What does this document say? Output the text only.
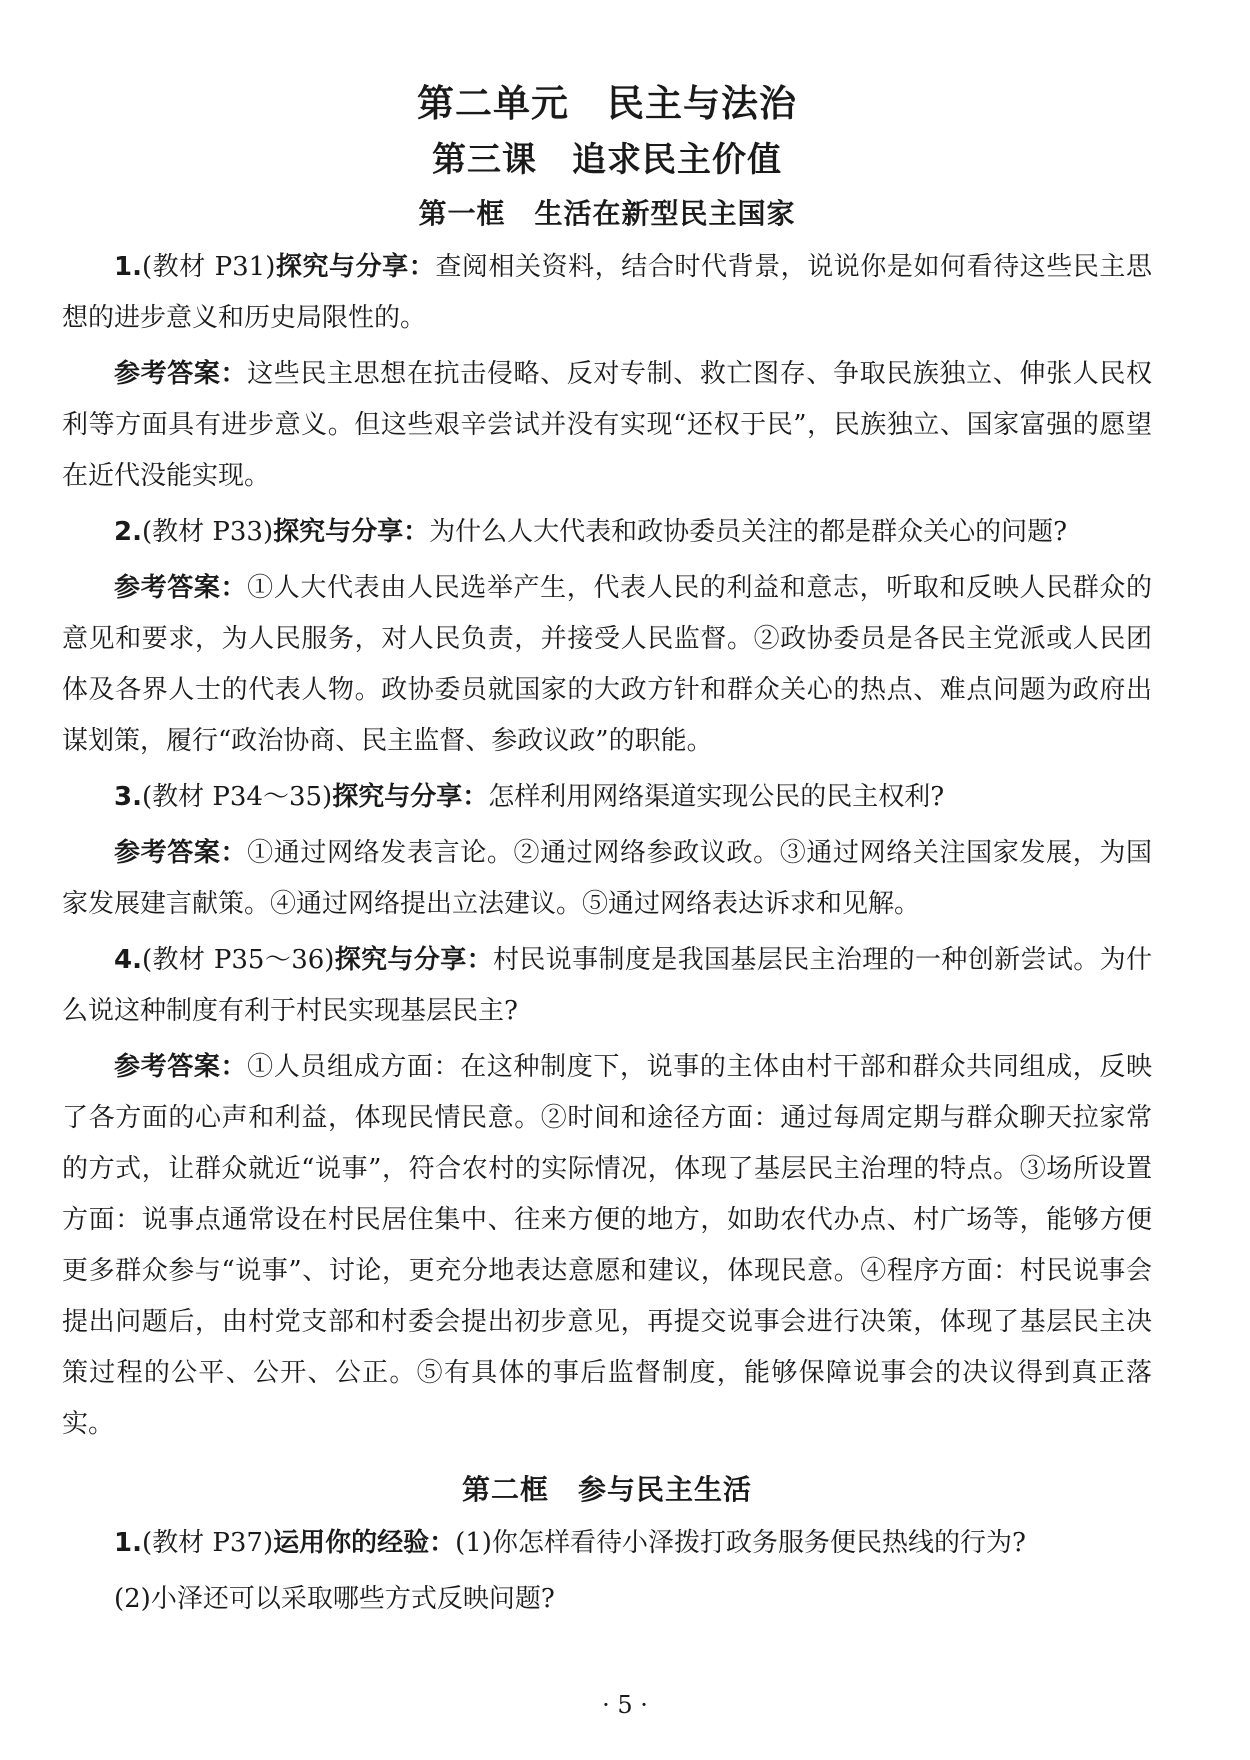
第二单元　民主与法治
第三课　追求民主价值
第一框　生活在新型民主国家

1.(教材 P31)探究与分享：查阅相关资料，结合时代背景，说说你是如何看待这些民主思想的进步意义和历史局限性的。

参考答案：这些民主思想在抗击侵略、反对专制、救亡图存、争取民族独立、伸张人民权利等方面具有进步意义。但这些艰辛尝试并没有实现“还权于民”，民族独立、国家富强的愿望在近代没能实现。

2.(教材 P33)探究与分享：为什么人大代表和政协委员关注的都是群众关心的问题?

参考答案：①人大代表由人民选举产生，代表人民的利益和意志，听取和反映人民群众的意见和要求，为人民服务，对人民负责，并接受人民监督。②政协委员是各民主党派或人民团体及各界人士的代表人物。政协委员就国家的大政方针和群众关心的热点、难点问题为政府出谋划策，履行“政治协商、民主监督、参政议政”的职能。

3.(教材 P34～35)探究与分享：怎样利用网络渠道实现公民的民主权利?

参考答案：①通过网络发表言论。②通过网络参政议政。③通过网络关注国家发展，为国家发展建言献策。④通过网络提出立法建议。⑤通过网络表达诉求和见解。

4.(教材 P35～36)探究与分享：村民说事制度是我国基层民主治理的一种创新尝试。为什么说这种制度有利于村民实现基层民主?

参考答案：①人员组成方面：在这种制度下，说事的主体由村干部和群众共同组成，反映了各方面的心声和利益，体现民情民意。②时间和途径方面：通过每周定期与群众聊天拉家常的方式，让群众就近“说事”，符合农村的实际情况，体现了基层民主治理的特点。③场所设置方面：说事点通常设在村民居住集中、往来方便的地方，如助农代办点、村广场等，能够方便更多群众参与“说事”、讨论，更充分地表达意愿和建议，体现民意。④程序方面：村民说事会提出问题后，由村党支部和村委会提出初步意见，再提交说事会进行决策，体现了基层民主决策过程的公平、公开、公正。⑤有具体的事后监督制度，能够保障说事会的决议得到真正落实。

第二框　参与民主生活

1.(教材 P37)运用你的经验：(1)你怎样看待小泽拨打政务服务便民热线的行为?

(2)小泽还可以采取哪些方式反映问题?

· 5 ·
